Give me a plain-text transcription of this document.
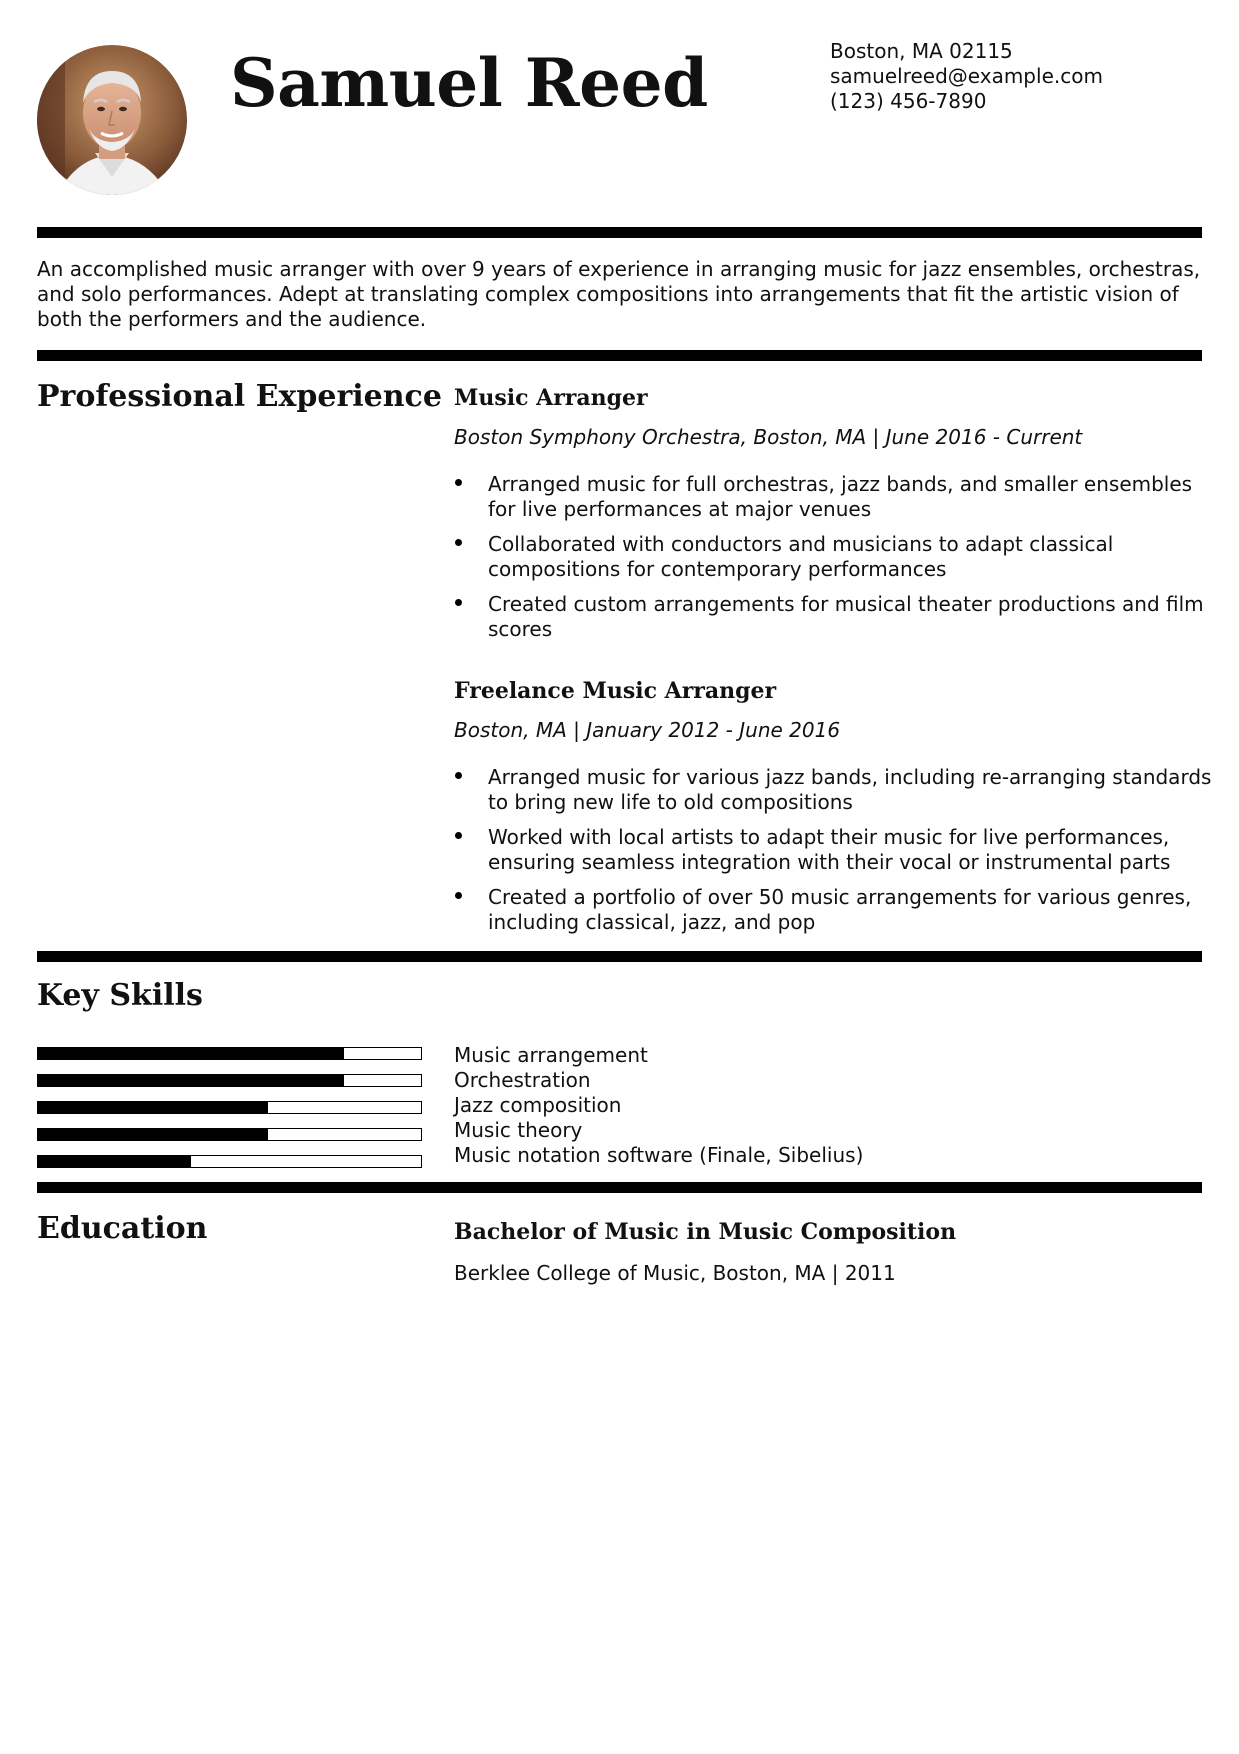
Samuel Reed	Boston, MA 02115
samuelreed@example.com
(123) 456-7890
An accomplished music arranger with over 9 years of experience in arranging music for jazz ensembles, orchestras, and solo performances. Adept at translating complex compositions into arrangements that fit the artistic vision of both the performers and the audience.
Professional Experience Music Arranger
Boston Symphony Orchestra, Boston, MA | June 2016 - Current
Arranged music for full orchestras, jazz bands, and smaller ensembles for live performances at major venues
Collaborated with conductors and musicians to adapt classical compositions for contemporary performances
Created custom arrangements for musical theater productions and film scores
Freelance Music Arranger
Boston, MA | January 2012 - June 2016
Arranged music for various jazz bands, including re-arranging standards to bring new life to old compositions
Worked with local artists to adapt their music for live performances, ensuring seamless integration with their vocal or instrumental parts
Created a portfolio of over 50 music arrangements for various genres, including classical, jazz, and pop
Key Skills
Music arrangement
Orchestration
Jazz composition
Music theory
Music notation software (Finale, Sibelius)
Education	Bachelor of Music in Music Composition
Berklee College of Music, Boston, MA | 2011
